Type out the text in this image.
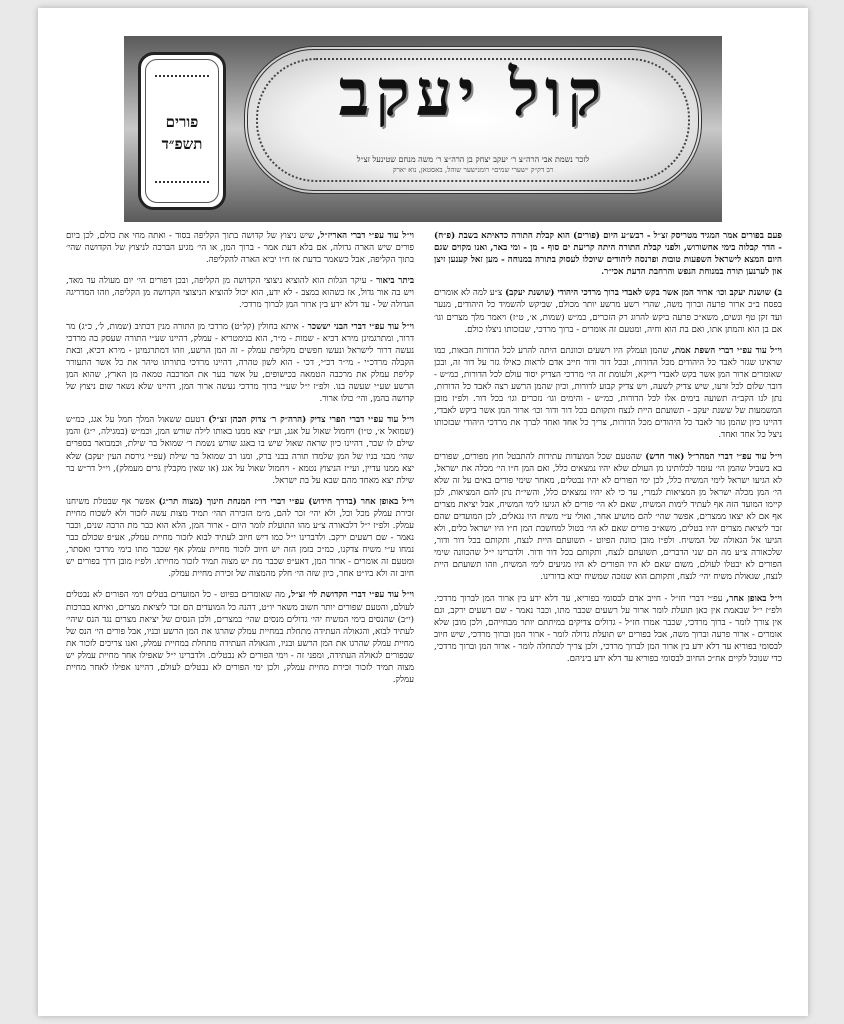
קול יעקב
לזכר נשמת אבי הרה״צ ר׳ יעקב יצחק בן הרה״צ ר׳ משה מנחם שטינעל זצ״ל
רב דק״ק ״שערי שמים״ רומנישער שוהל, באסטאן, נוא יארק
פורים
תשפ״ד

פעם בפורים אמר המגיד מטריסק זצ״ל - רבש״ע היום (פורים) הוא קבלת התורה כדאיתא בשבת (פ״ח) - הדר קבלוה בימי אחשורוש, ולפני קבלת התורה היתה קריעת ים סוף - מן - ומי באר, ואנו מקוים שגם היום המצא לישראל השפעות טובות ופרנסה ליהודים שיוכלו לעסוק בתורה במנוחה - מען זאל קענען זיצן און לערנען תורה במנוחת הנפש והרחבת הדעת אכי״ר.

ב) שושנת יעקב וכו׳ ארור המן אשר בקש לאבדי ברוך מרדכי היהודי (שושנת יעקב) צ״ע למה לא אומרים בפסח ב״כ ארור פרעה וברוך משה, שהרי רשע מרשע יותר מכולם, שביקש להשמיד כל היהודים, מנער ועד זקן טף ונשים, משא״כ פרעה ביקש להרוג רק הזכרים, כמ״ש (שמות, א׳, ט״ז) ויאמר מלך מצרים וגו׳ אם בן הוא והמתן אתו, ואם בת הוא וחיה, ומטעם זה אומרים - ברוך מרדכי, שבזכותו ניצלו כולם.

וי״ל עוד עפ״י דברי השפת אמת, שהמן ועמלק היו רשעים וכוונתם היתה להרע לכל הדורות הבאות, כמו שראינו שגזר לאבד כל היהודים מכל הדורות, ובכל דור ודור חייב אדם לראות כאילו גזר על דור זה, ובכן שאומרים ארור המן אשר בקש לאבדי דייקא, ולעומת זה הי׳ מרדכי הצדיק יסוד עולם לכל הדורות, כמ״ש - דובר שלום לכל זרעו, שיש צדיק לשעה, ויש צדיק קבוע לדורות, וכיון שהמן הרשע רצה לאבד כל הדורות, נתן לנו הקב״ה תשועה בימים אלו לכל הדורות, כמ״ש - והימים וגו׳ נזכרים וגו׳ בכל דור. ולפ״ז מובן המשמעות של ששנת יעקב - תשועתם היית לנצח ותקותם בכל דור ודור וכו׳ ארור המן אשר ביקש לאבדי, דהיינו כיון שהמן גזר לאבד כל היהודים מכל הדורות, צריך כל אחד ואחד לברך את מרדכי היהודי שבזכותו ניצל כל אחד ואחד.

וי״ל עוד עפ״י דברי המהר״ל (אור חדש) שהטעם שכל המועדות עתידות להתבטל חוץ מפורים, שפורים בא בשביל שהמן הי׳ עומד לכלותינו מן העולם שלא יהיו נמצאים כלל, ואם המן ח״ו הי׳ מכלה את ישראל, לא הגיעו ישראל לימי המשיח כלל, לכן ימי הפורים לא יהיו נבטלים, מאחר שימי פורים באים על זה שלא הי׳ המן מכלה ישראל מן המציאות לגמרי, עד כי לא יהיו נמצאים כלל, והשי״ת נתן להם המציאות, לכן קיימו המועד הזה אף לעתיד לימות המשיח, שאם לא הי׳ פורים לא הגיעו לימי המשיח, אבל יציאת מצרים אף אם לא יצאו ממצרים, אפשר שהי׳ להם מושיע אחר, ואולי ע״י משיח היו נגאלים, לכן המועדים שהם זכר ליציאת מצרים יהיו בטלים, משא״כ פורים שאם לא הי׳ בטול למחשבת המן ח״ו היו ישראל כלים, ולא הגיעו אל הגאולה של המשיח. ולפ״ז מובן כוונת הפיוט - תשועתם היית לנצח, ותקותם בכל דור ודור, שלכאורה צ״ע מה הם שני הדברים, תשועתם לנצח, ותקותם בכל דור ודור. ולדברינו י״ל שהכוונה שימי הפורים לא יבטלו לעולם, משום שאם לא היו הפורים לא היו מגיעים לימי המשיח, וזהו תשועתם היית לנצח, שגאולת משיח יהי׳ לנצח, ותקותם הוא שנזכה שמשיח יבוא בדורינו.

וי״ל באופן אחר, עפ״י דברי חז״ל - חייב אדם לבסומי בפוריא, עד דלא ידע בין ארור המן לברוך מרדכי. ולפ״ז י״ל שבאמת אין כאן תועלת לומר ארור על רשעים שכבר מתו, וכבר נאמר - שם רשעים ירקב, וגם אין צורך לומר - ברוך מרדכי, שכבר אמרו חז״ל - גדולים צדיקים במיתתם יותר מבחייהם, ולכן מובן שלא אומרים - ארור פרעה וברוך משה, אבל בפורים יש תועלת גדולה לומר - ארור המן וברוך מרדכי, שיש חיוב לבסומי בפוריא עד דלא ידע בין ארור המן לברוך מרדכי, ולכן צריך לכתחלה לומר - ארור המן וברוך מרדכי, כדי שנוכל לקיים אח״כ החיוב לבסומי בפוריא עד דלא ידע ביניהם.

וי״ל עוד עפ״י דברי האריז״ל, שיש ניצוץ של קדושה בתוך הקליפה בסוד - ואתה מחי את כולם, לכן ביום פורים שיש הארה גדולה, אם בלא דעת אמר - ברוך המן, או הי׳ מגיע הברכה לניצוץ של הקדושה שהי׳ בתוך הקליפה, אבל כשאמר בדעת אז ח״ו יביא הארה להקליפה.

ביתר ביאור - עיקר הגלות הוא להוציא ניצוצי הקדושה מן הקליפה, ובכן דפורים הי׳ יום מעולה עד מאד, ויש בה אור גדול, אז כשהוא במצב - לא ידע, הוא יכול להוציא הניצוצי הקדושה מן הקליפה, וזהו המדריגה הגדולה של - עד דלא ידע בין ארור המן לברוך מרדכי.

וי״ל עוד עפ״י דברי הבני יששכר - איתא בחולין (קל״ט) מרדכי מן התורה מנין דכתיב (שמות, ל׳, כ״ג) מר דרור, ומתרגמינן מירא דכיא - שמות - מ״ר, הוא בגימטריא - עמלק, דהיינו שע״י התורה שעסק בה מרדכי נעשה דרור לישראל ונעשו חפשים מקליפת עמלק - זה המן הרשע, וזהו דמתרגמינן - מירא דכיא, ובאת הקבלה מרדכ״י - מי״ר דכ״י, דכי - הוא לשון טהרה, דהיינו מרדכי בתורתו טיהר את כל אשר התעורר קליפת עמלק את מרכבה הטמאה בכישופים, על אשר בער את המרכבה טמאה מן הארץ, שהוא המן הרשע שע״י שעשה בנו. ולפ״ז י״ל שע״י ברוך מרדכי נעשה ארור המן, דהיינו שלא נשאר שום ניצוץ של קדושה בהמן, והי׳ כולו ארור.

וי״ל עוד עפ״י דברי הפרי צדיק (הרה״ק ר׳ צדוק הכהן זצ״ל) דטעם ששאול המלך חמל על אגג, כמ״ש (שמואל א׳, ט״ו) ויחמול שאול על אגג, וע״ז יצא ממנו באותו לילה שורש המן, וכמ״ש (במגילה, י״ג) והמן שילם לו שכר, דהיינו כיון שראה שאול שיש בו באגג שורש נשמת ר׳ שמואל בר שילת, וכמבואר בספרים שהי׳ מבני בניו של המן שלמדו תורה בבני ברק, ומנו רב שמואל בר שילת (עפ״י גירסת העין יעקב) שלא יצא ממנו עדיין, ועי״ז הניצוץ נטמא - ויחמול שאול על אגג (או שאין מקבלין גרים מעמלק), וי״ל דר״ש בר שילת יצא מאחד מהם שבא על בת ישראל.

וי״ל באופן אחר (בדרך חידוש) עפ״י דברי דו״ז המנחת חינוך (מצוה תר״ג) אפשר אף שבטלת משיחנו זכירת עמלק מכל וכל, ולא יהי׳ זכר להם, מ״מ הזכירה תהי׳ תמיד מצות עשה לזכור ולא לשכוח מחיית עמלק. ולפ״ז י״ל דלכאורה צ״ע מהו התועלת לומר היום - ארור המן, הלא הוא כבר מת הרבה שנים, וכבר נאמר - שם רשעים ירקב. ולדברינו י״ל כמו דיש חיוב לעתיד לבוא לזכור מחיית עמלק, אע״פ שכולם כבר נמחו ע״י משיח צדקנו, כמ״כ בזמן הזה יש חיוב לזכור מחיית עמלק אף שכבר מתו בימי מרדכי ואסתר, ומטעם זה אומרים - ארור המן, דאע״פ שכבר מת יש מצוה תמיד לזכור מחייתו. ולפ״ז מובן דרך בפורים יש חיוב זה ולא ביו״ט אחר, כיון שזה הי׳ חלק מהמצוה של זכירת מחיית עמלק.

וי״ל עוד עפ״י דברי הקדושת לוי זצ״ל, מה שאומרים בפיוט - כל המועדים בטלים וימי הפורים לא נבטלים לעולם, והטעם שפורים יותר חשוב משאר יו״ט, דהנה כל המועדים הם זכר ליציאת מצרים, ואיתא בברכות (י״ב) שהנסים בימי המשיח יהי׳ גדולים מנסים שהי׳ במצרים, ולכן הנסים של יציאת מצרים נגד הנס שיהי׳ לעתיד לבוא, והגאולה העתידה מתחלת במחיית עמלק שהרגו את המן הרשע ובניו, אבל פורים הי׳ הנס של מחיית עמלק שהרגו את המן הרשע ובניו, והגאולה העתידה מתחלת במחיית עמלק, ואנו צריכים לזכור את שבפורים לגאולה העתידה, ומפני זה - וימי הפורים לא נבטלים. ולדברינו י״ל שאפילו אחר מחיית עמלק יש מצוה תמיד לזכור זכירת מחיית עמלק, ולכן ימי הפורים לא נבטלים לעולם, דהיינו אפילו לאחר מחיית עמלק.
